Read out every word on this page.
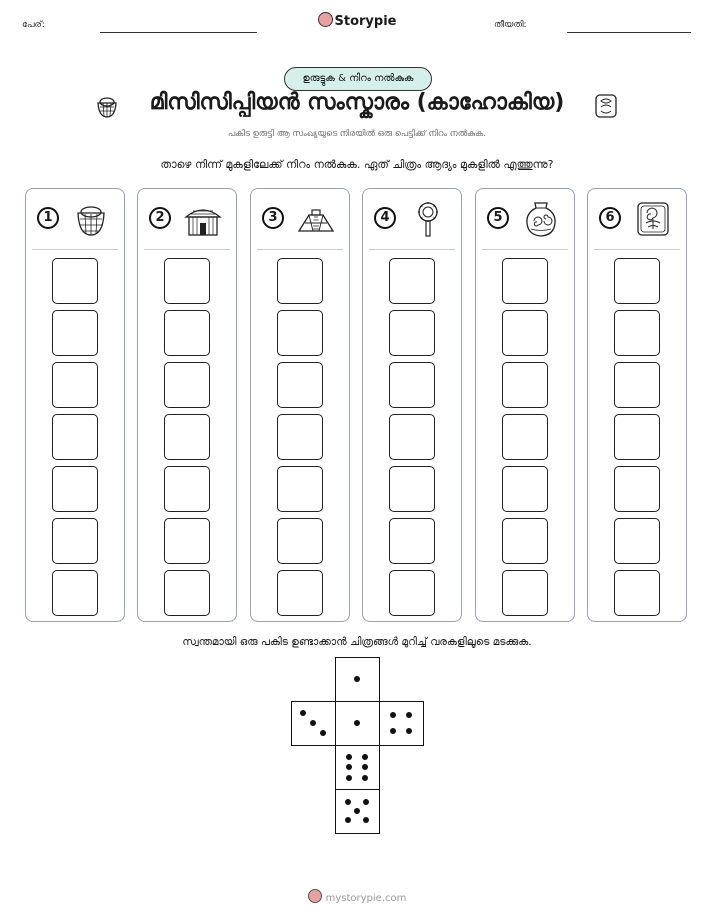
പേര്:	Storypie	തീയതി:
ഉരുട്ടുക & നിറം നൽകുക
മിസിസിപ്പിയൻ സംസ്കാരം (കാഹോകിയ)
പകിട ഉരുട്ടി ആ സംഖ്യയുടെ നിരയിൽ ഒരു പെട്ടിക്ക് നിറം നൽകുക.
താഴെ നിന്ന് മുകളിലേക്ക് നിറം നൽകുക. ഏത് ചിത്രം ആദ്യം മുകളിൽ എത്തുന്നു?
1	2	3	4	5	6
സ്വന്തമായി ഒരു പകിട ഉണ്ടാക്കാൻ ചിത്രങ്ങൾ മുറിച്ച് വരകളിലൂടെ മടക്കുക.
mystorypie.com
